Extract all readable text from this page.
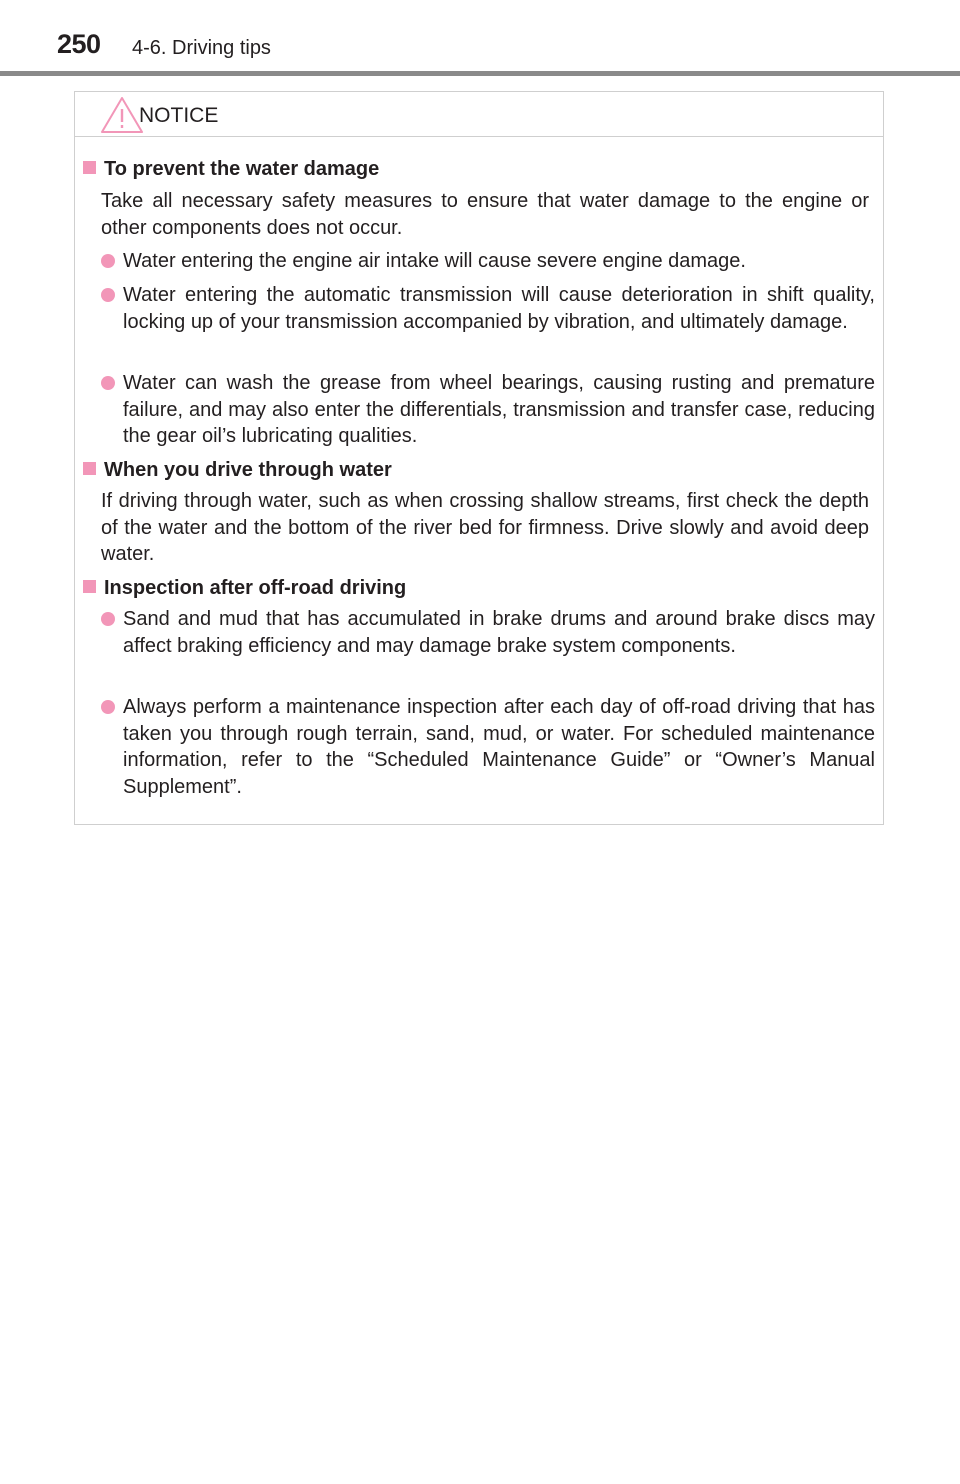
250 4-6. Driving tips
NOTICE
To prevent the water damage
Take all necessary safety measures to ensure that water damage to the engine or other components does not occur.
Water entering the engine air intake will cause severe engine damage.
Water entering the automatic transmission will cause deterioration in shift quality, locking up of your transmission accompanied by vibration, and ultimately damage.
Water can wash the grease from wheel bearings, causing rusting and premature failure, and may also enter the differentials, transmission and transfer case, reducing the gear oil’s lubricating qualities.
When you drive through water
If driving through water, such as when crossing shallow streams, first check the depth of the water and the bottom of the river bed for firmness. Drive slowly and avoid deep water.
Inspection after off-road driving
Sand and mud that has accumulated in brake drums and around brake discs may affect braking efficiency and may damage brake system components.
Always perform a maintenance inspection after each day of off-road driving that has taken you through rough terrain, sand, mud, or water. For scheduled maintenance information, refer to the “Scheduled Maintenance Guide” or “Owner’s Manual Supplement”.
